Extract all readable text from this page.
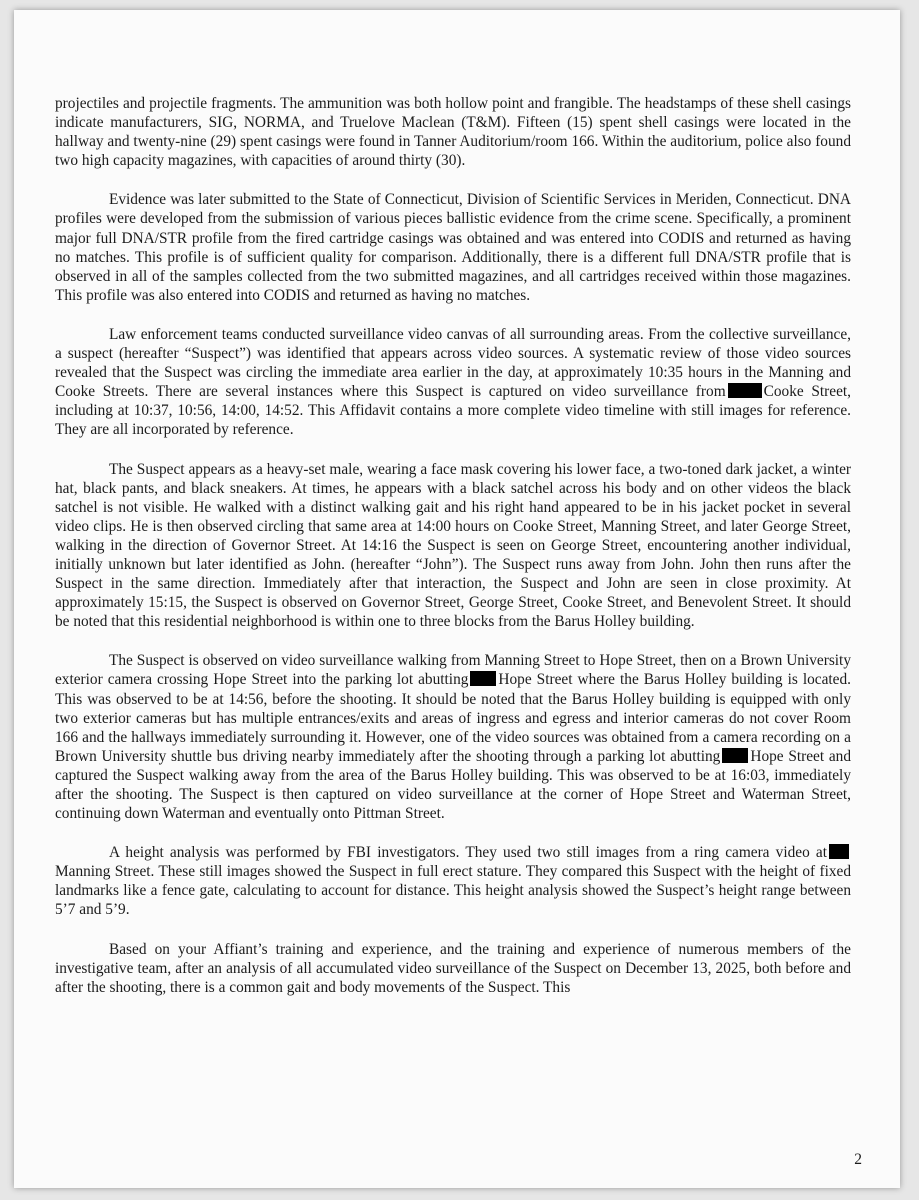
projectiles and projectile fragments. The ammunition was both hollow point and frangible. The headstamps of these shell casings indicate manufacturers, SIG, NORMA, and Truelove Maclean (T&M). Fifteen (15) spent shell casings were located in the hallway and twenty-nine (29) spent casings were found in Tanner Auditorium/room 166. Within the auditorium, police also found two high capacity magazines, with capacities of around thirty (30).

Evidence was later submitted to the State of Connecticut, Division of Scientific Services in Meriden, Connecticut. DNA profiles were developed from the submission of various pieces ballistic evidence from the crime scene. Specifically, a prominent major full DNA/STR profile from the fired cartridge casings was obtained and was entered into CODIS and returned as having no matches. This profile is of sufficient quality for comparison. Additionally, there is a different full DNA/STR profile that is observed in all of the samples collected from the two submitted magazines, and all cartridges received within those magazines. This profile was also entered into CODIS and returned as having no matches.

Law enforcement teams conducted surveillance video canvas of all surrounding areas. From the collective surveillance, a suspect (hereafter “Suspect”) was identified that appears across video sources. A systematic review of those video sources revealed that the Suspect was circling the immediate area earlier in the day, at approximately 10:35 hours in the Manning and Cooke Streets. There are several instances where this Suspect is captured on video surveillance from Cooke Street, including at 10:37, 10:56, 14:00, 14:52. This Affidavit contains a more complete video timeline with still images for reference. They are all incorporated by reference.

The Suspect appears as a heavy-set male, wearing a face mask covering his lower face, a two-toned dark jacket, a winter hat, black pants, and black sneakers. At times, he appears with a black satchel across his body and on other videos the black satchel is not visible. He walked with a distinct walking gait and his right hand appeared to be in his jacket pocket in several video clips. He is then observed circling that same area at 14:00 hours on Cooke Street, Manning Street, and later George Street, walking in the direction of Governor Street. At 14:16 the Suspect is seen on George Street, encountering another individual, initially unknown but later identified as John. (hereafter “John”). The Suspect runs away from John. John then runs after the Suspect in the same direction. Immediately after that interaction, the Suspect and John are seen in close proximity. At approximately 15:15, the Suspect is observed on Governor Street, George Street, Cooke Street, and Benevolent Street. It should be noted that this residential neighborhood is within one to three blocks from the Barus Holley building.

The Suspect is observed on video surveillance walking from Manning Street to Hope Street, then on a Brown University exterior camera crossing Hope Street into the parking lot abutting Hope Street where the Barus Holley building is located. This was observed to be at 14:56, before the shooting. It should be noted that the Barus Holley building is equipped with only two exterior cameras but has multiple entrances/exits and areas of ingress and egress and interior cameras do not cover Room 166 and the hallways immediately surrounding it. However, one of the video sources was obtained from a camera recording on a Brown University shuttle bus driving nearby immediately after the shooting through a parking lot abutting Hope Street and captured the Suspect walking away from the area of the Barus Holley building. This was observed to be at 16:03, immediately after the shooting. The Suspect is then captured on video surveillance at the corner of Hope Street and Waterman Street, continuing down Waterman and eventually onto Pittman Street.

A height analysis was performed by FBI investigators. They used two still images from a ring camera video atManning Street. These still images showed the Suspect in full erect stature. They compared this Suspect with the height of fixed landmarks like a fence gate, calculating to account for distance. This height analysis showed the Suspect’s height range between 5’7 and 5’9.

Based on your Affiant’s training and experience, and the training and experience of numerous members of the investigative team, after an analysis of all accumulated video surveillance of the Suspect on December 13, 2025, both before and after the shooting, there is a common gait and body movements of the Suspect. This

2
